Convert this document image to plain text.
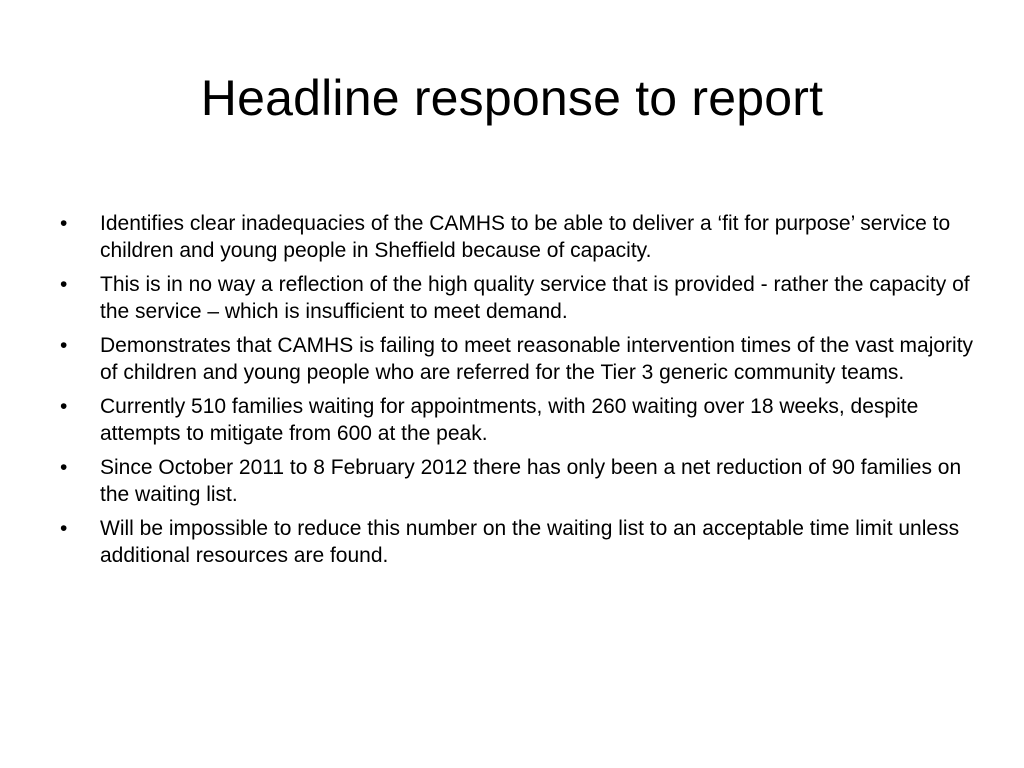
Headline response to report
•	Identifies clear inadequacies of the CAMHS to be able to deliver a ‘fit for purpose’ service to children and young people in Sheffield because of capacity.
•	This is in no way a reflection of the high quality service that is provided - rather the capacity of the service – which is insufficient to meet demand.
•	Demonstrates that CAMHS is failing to meet reasonable intervention times of the vast majority of children and young people who are referred for the Tier 3 generic community teams.
•	Currently 510 families waiting for appointments, with 260 waiting over 18 weeks, despite attempts to mitigate from 600 at the peak.
•	Since October 2011 to 8 February 2012 there has only been a net reduction of 90 families on the waiting list.
•	Will be impossible to reduce this number on the waiting list to an acceptable time limit unless additional resources are found.
